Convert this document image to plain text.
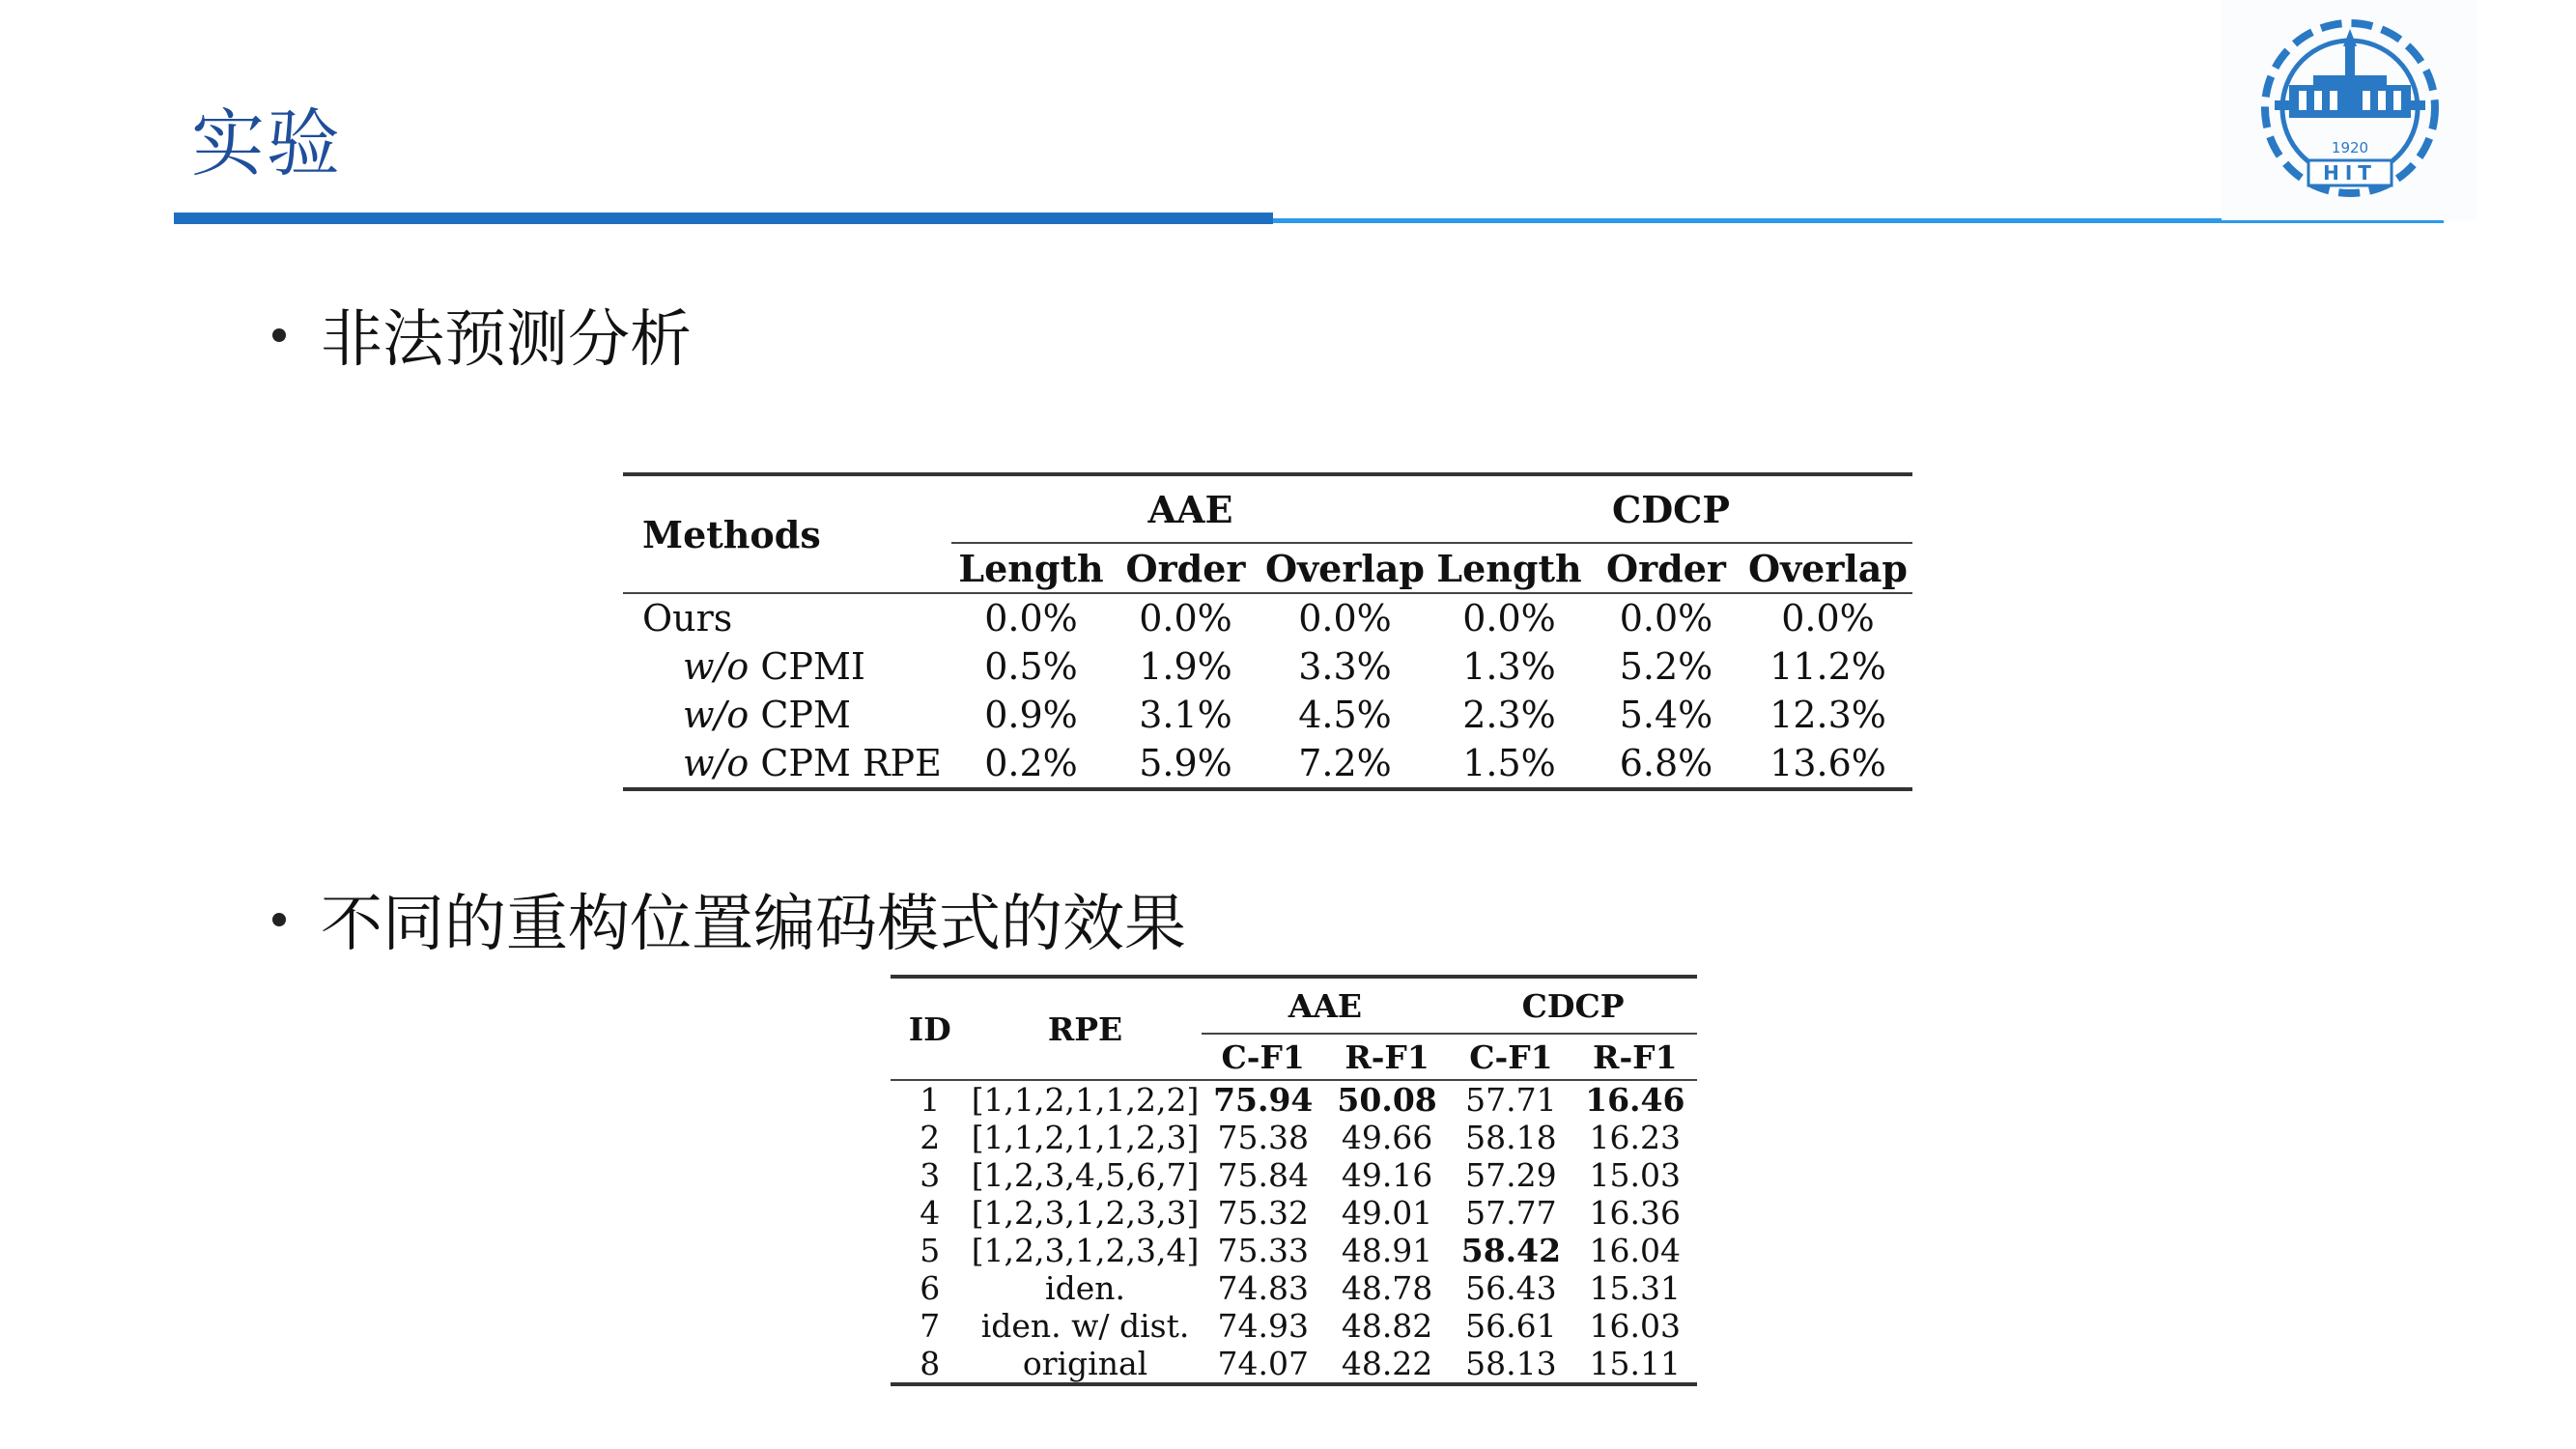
实验	1920
HIT
非法预测分析
Methods	AAE			CDCP		
	Length	Order	Overlap	Length	Order	Overlap
Ours	0.0%	0.0%	0.0%	0.0%	0.0%	0.0%
w/o CPMI	0.5%	1.9%	3.3%	1.3%	5.2%	11.2%
w/o CPM	0.9%	3.1%	4.5%	2.3%	5.4%	12.3%
w/o CPM RPE	0.2%	5.9%	7.2%	1.5%	6.8%	13.6%
不同的重构位置编码模式的效果
ID	RPE	AAE		CDCP	
		C-F1	R-F1	C-F1	R-F1
1	[1,1,2,1,1,2,2]	75.94	50.08	57.71	16.46
2	[1,1,2,1,1,2,3]	75.38	49.66	58.18	16.23
3	[1,2,3,4,5,6,7]	75.84	49.16	57.29	15.03
4	[1,2,3,1,2,3,3]	75.32	49.01	57.77	16.36
5	[1,2,3,1,2,3,4]	75.33	48.91	58.42	16.04
6	iden.	74.83	48.78	56.43	15.31
7	iden. w/ dist.	74.93	48.82	56.61	16.03
8	original	74.07	48.22	58.13	15.11
